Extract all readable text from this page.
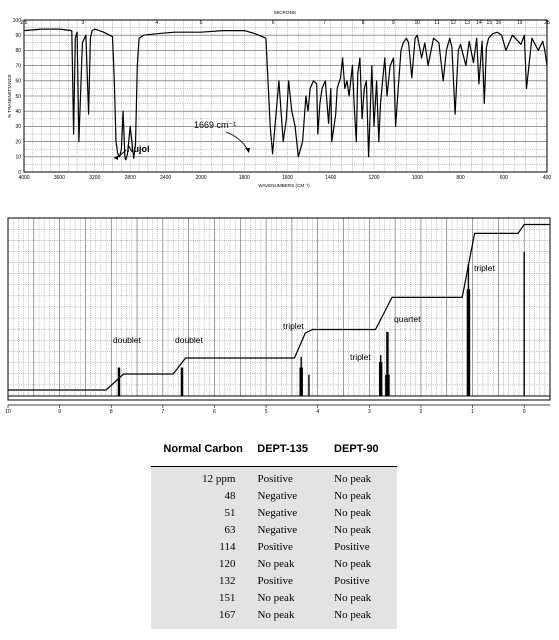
4000	3600	3200	2800	2400	2000	1800	1600	1400	1200	1000	800	600	400
100
90
80
70
60
50
40
30
20
10
0
2.5	3	4	5	6	7	8	9	10	11 12 13 14 15 16	19	25
MICRONS
WAVENUMBERS (CM⁻¹)
% TRANSMITTANCE
Nujol
1669 cm⁻¹
10	9	8	7	6	5	4	3	2	1	0
doublet	doublet
triplet
triplet
quartet
triplet
Normal Carbon	DEPT-135	DEPT-90
12 ppm	Positive	No peak
48	Negative	No peak
51	Negative	No peak
63	Negative	No peak
114	Positive	Positive
120	No peak	No peak
132	Positive	Positive
151	No peak	No peak
167	No peak	No peak
